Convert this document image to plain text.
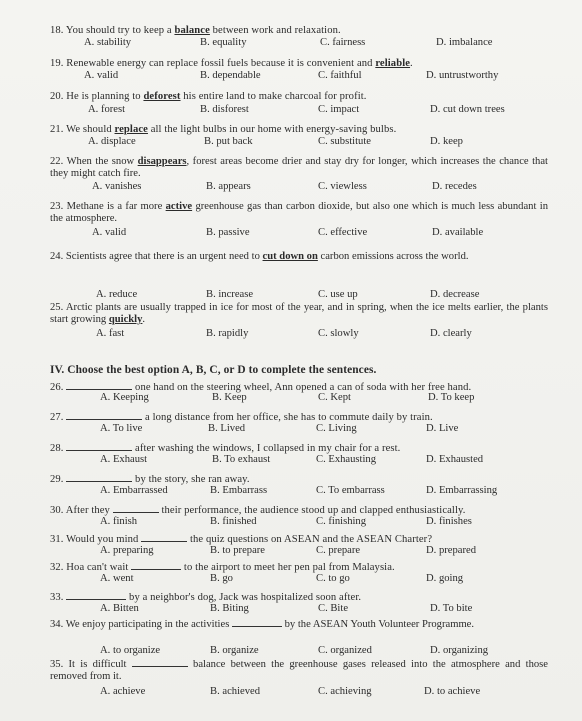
18. You should try to keep a balance between work and relaxation.
A. stability	B. equality	C. fairness	D. imbalance
19. Renewable energy can replace fossil fuels because it is convenient and reliable.
A. valid	B. dependable	C. faithful	D. untrustworthy
20. He is planning to deforest his entire land to make charcoal for profit.
A. forest	B. disforest	C. impact	D. cut down trees
21. We should replace all the light bulbs in our home with energy-saving bulbs.
A. displace	B. put back	C. substitute	D. keep
22. When the snow disappears, forest areas become drier and stay dry for longer, which increases the chance that they might catch fire.
A. vanishes	B. appears	C. viewless	D. recedes
23. Methane is a far more active greenhouse gas than carbon dioxide, but also one which is much less abundant in the atmosphere.
A. valid	B. passive	C. effective	D. available
24. Scientists agree that there is an urgent need to cut down on carbon emissions across the world.
A. reduce	B. increase	C. use up	D. decrease
25. Arctic plants are usually trapped in ice for most of the year, and in spring, when the ice melts earlier, the plants start growing quickly.
A. fast	B. rapidly	C. slowly	D. clearly
IV. Choose the best option A, B, C, or D to complete the sentences.
26.	one hand on the steering wheel, Ann opened a can of soda with her free hand.
A. Keeping	B. Keep	C. Kept	D. To keep
27.	a long distance from her office, she has to commute daily by train.
A. To live	B. Lived	C. Living	D. Live
28.	after washing the windows, I collapsed in my chair for a rest.
A. Exhaust	B. To exhaust	C. Exhausting	D. Exhausted
29.	by the story, she ran away.
A. Embarrassed	B. Embarrass	C. To embarrass	D. Embarrassing
30. After they	their performance, the audience stood up and clapped enthusiastically.
A. finish	B. finished	C. finishing	D. finishes
31. Would you mind	the quiz questions on ASEAN and the ASEAN Charter?
A. preparing	B. to prepare	C. prepare	D. prepared
32. Hoa can't wait	to the airport to meet her pen pal from Malaysia.
A. went	B. go	C. to go	D. going
33.	by a neighbor's dog, Jack was hospitalized soon after.
A. Bitten	B. Biting	C. Bite	D. To bite
34. We enjoy participating in the activities	by the ASEAN Youth Volunteer Programme.
A. to organize	B. organize	C. organized	D. organizing
35. It is difficult	balance between the greenhouse gases released into the atmosphere and those removed from it.
A. achieve	B. achieved	C. achieving	D. to achieve
